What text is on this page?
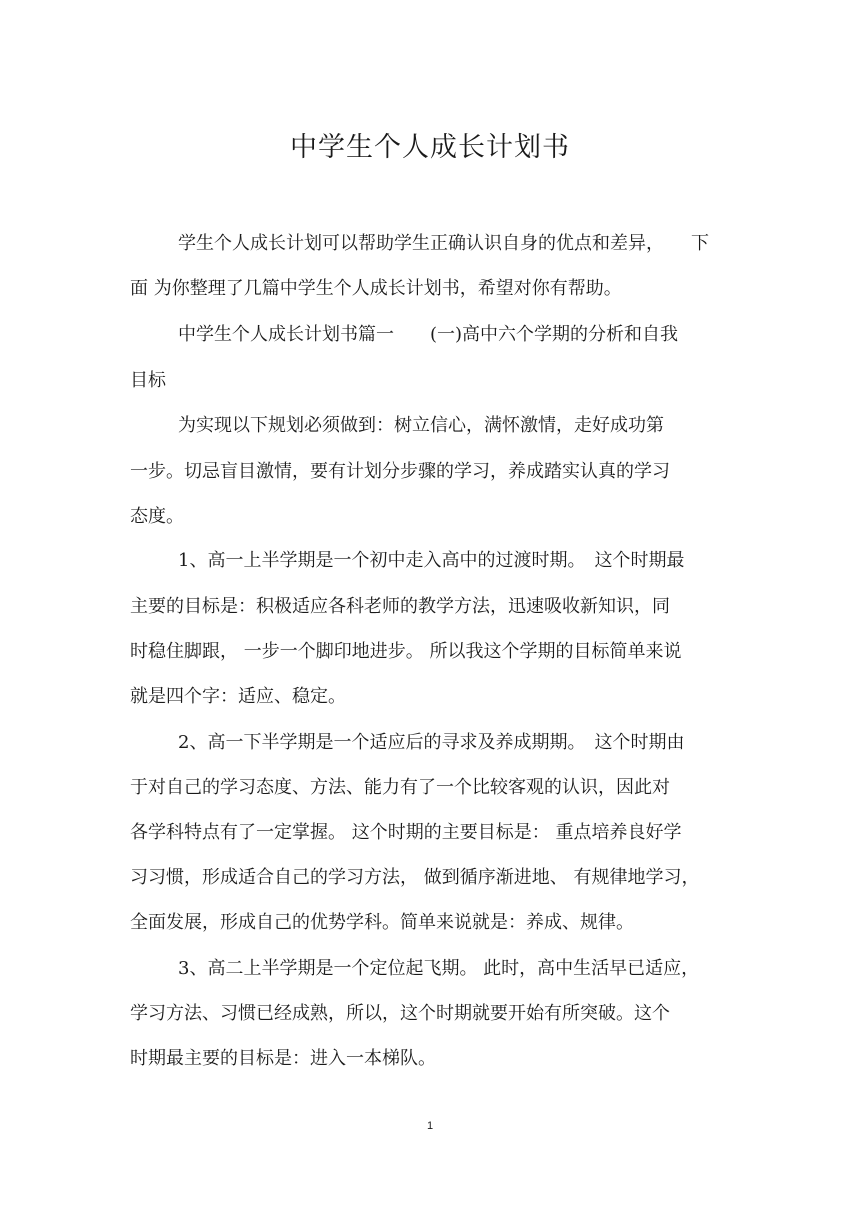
中学生个人成长计划书
学生个人成长计划可以帮助学生正确认识自身的优点和差异，　　下
面 为你整理了几篇中学生个人成长计划书，希望对你有帮助。
中学生个人成长计划书篇一　　(一)高中六个学期的分析和自我
目标
为实现以下规划必须做到：树立信心，满怀激情，走好成功第
一步。切忌盲目激情，要有计划分步骤的学习，养成踏实认真的学习
态度。
1、高一上半学期是一个初中走入高中的过渡时期。　这个时期最
主要的目标是：积极适应各科老师的教学方法，迅速吸收新知识，同
时稳住脚跟， 一步一个脚印地进步。 所以我这个学期的目标简单来说
就是四个字：适应、稳定。
2、高一下半学期是一个适应后的寻求及养成期期。　这个时期由
于对自己的学习态度、方法、能力有了一个比较客观的认识，因此对
各学科特点有了一定掌握。 这个时期的主要目标是： 重点培养良好学
习习惯，形成适合自己的学习方法， 做到循序渐进地、 有规律地学习，
全面发展，形成自己的优势学科。简单来说就是：养成、规律。
3、高二上半学期是一个定位起飞期。 此时，高中生活早已适应，
学习方法、习惯已经成熟，所以，这个时期就要开始有所突破。这个
时期最主要的目标是：进入一本梯队。
1
